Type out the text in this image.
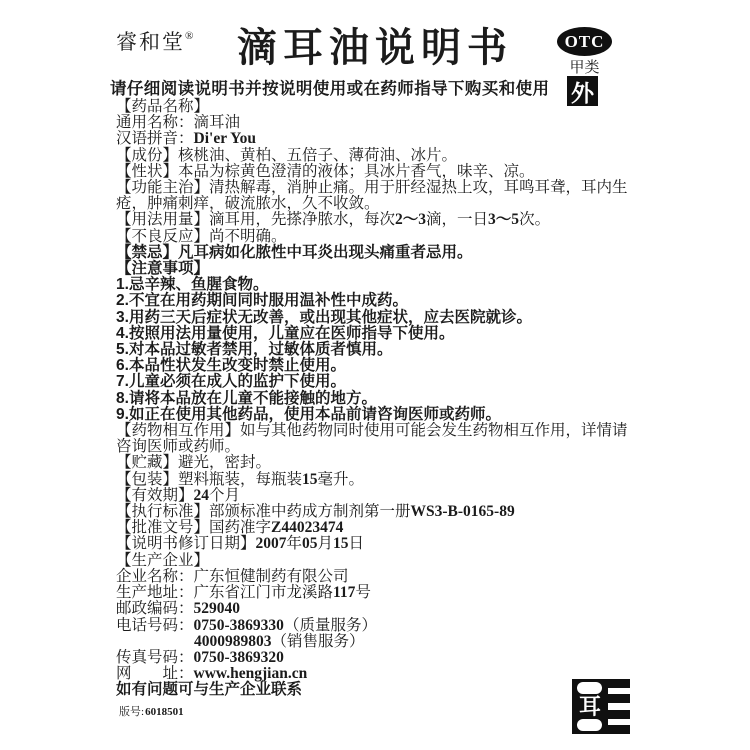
睿和堂®	滴耳油说明书	OTC
甲类
外
请仔细阅读说明书并按说明使用或在药师指导下购买和使用
【药品名称】
通用名称：滴耳油
汉语拼音：Di'er You
【成份】核桃油、黄柏、五倍子、薄荷油、冰片。
【性状】本品为棕黄色澄清的液体；具冰片香气，味辛、凉。
【功能主治】清热解毒，消肿止痛。用于肝经湿热上攻，耳鸣耳聋，耳内生
疮，肿痛刺痒，破流脓水，久不收敛。
【用法用量】滴耳用，先搽净脓水，每次2～3滴，一日3～5次。
【不良反应】尚不明确。
【禁忌】凡耳病如化脓性中耳炎出现头痛重者忌用。
【注意事项】
1.忌辛辣、鱼腥食物。
2.不宜在用药期间同时服用温补性中成药。
3.用药三天后症状无改善，或出现其他症状，应去医院就诊。
4.按照用法用量使用，儿童应在医师指导下使用。
5.对本品过敏者禁用，过敏体质者慎用。
6.本品性状发生改变时禁止使用。
7.儿童必须在成人的监护下使用。
8.请将本品放在儿童不能接触的地方。
9.如正在使用其他药品，使用本品前请咨询医师或药师。
【药物相互作用】如与其他药物同时使用可能会发生药物相互作用，详情请
咨询医师或药师。
【贮藏】避光，密封。
【包装】塑料瓶装，每瓶装15毫升。
【有效期】24个月
【执行标准】部颁标准中药成方制剂第一册WS3-B-0165-89
【批准文号】国药准字Z44023474
【说明书修订日期】2007年05月15日
【生产企业】
企业名称：广东恒健制药有限公司
生产地址：广东省江门市龙溪路117号
邮政编码：529040
电话号码：0750-3869330（质量服务）
4000989803（销售服务）
传真号码：0750-3869320
网　　址：www.hengjian.cn
如有问题可与生产企业联系
版号:6018501	耳
